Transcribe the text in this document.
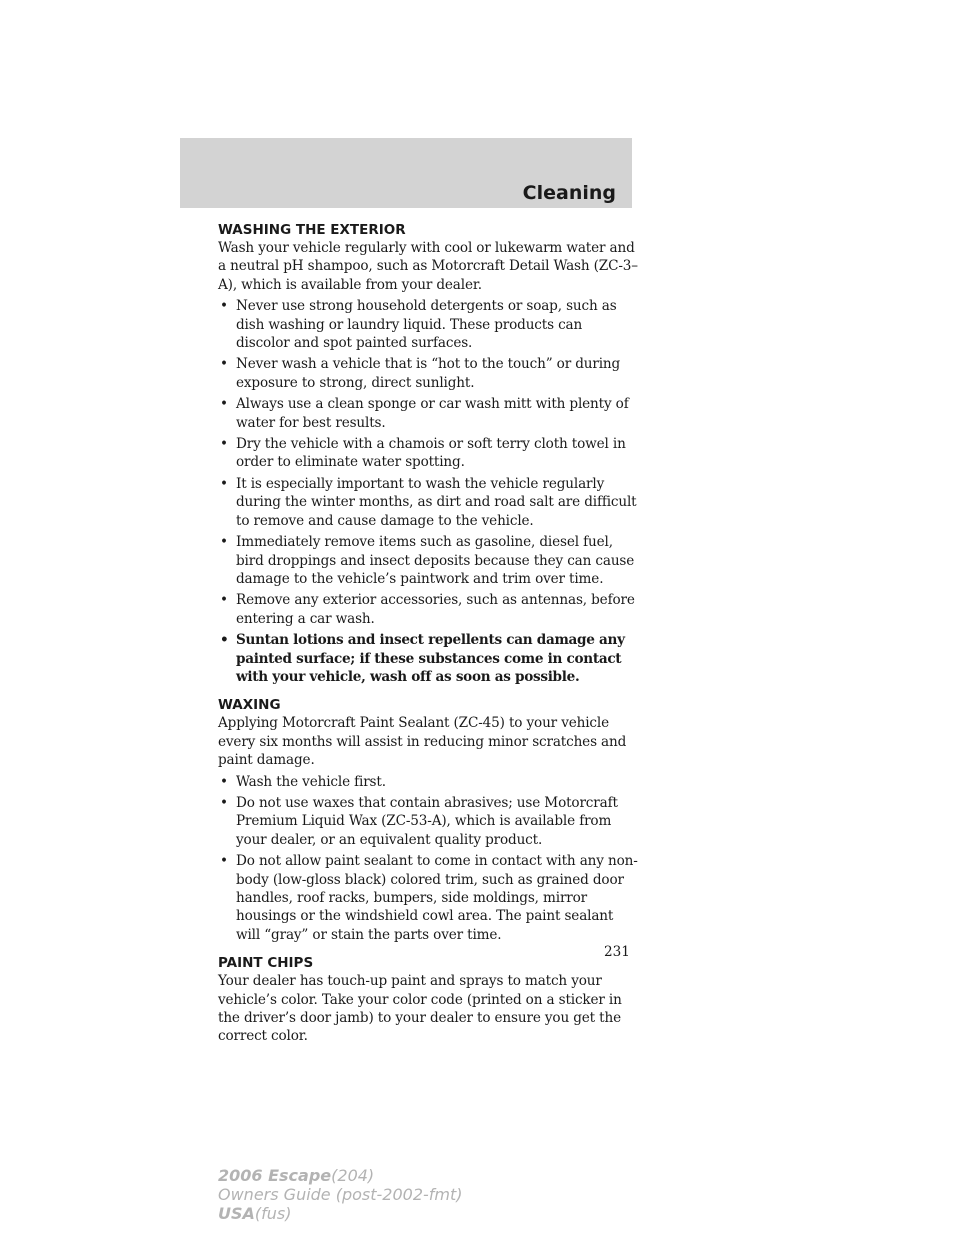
Cleaning
WASHING THE EXTERIOR

Wash your vehicle regularly with cool or lukewarm water and a neutral pH shampoo, such as Motorcraft Detail Wash (ZC-3–A), which is available from your dealer.

• Never use strong household detergents or soap, such as dish washing or laundry liquid. These products can discolor and spot painted surfaces.
• Never wash a vehicle that is “hot to the touch” or during exposure to strong, direct sunlight.
• Always use a clean sponge or car wash mitt with plenty of water for best results.
• Dry the vehicle with a chamois or soft terry cloth towel in order to eliminate water spotting.
• It is especially important to wash the vehicle regularly during the winter months, as dirt and road salt are difficult to remove and cause damage to the vehicle.
• Immediately remove items such as gasoline, diesel fuel, bird droppings and insect deposits because they can cause damage to the vehicle’s paintwork and trim over time.
• Remove any exterior accessories, such as antennas, before entering a car wash.
• Suntan lotions and insect repellents can damage any painted surface; if these substances come in contact with your vehicle, wash off as soon as possible.
WAXING

Applying Motorcraft Paint Sealant (ZC-45) to your vehicle every six months will assist in reducing minor scratches and paint damage.

• Wash the vehicle first.
• Do not use waxes that contain abrasives; use Motorcraft Premium Liquid Wax (ZC-53-A), which is available from your dealer, or an equivalent quality product.
• Do not allow paint sealant to come in contact with any non-body (low-gloss black) colored trim, such as grained door handles, roof racks, bumpers, side moldings, mirror housings or the windshield cowl area. The paint sealant will “gray” or stain the parts over time.
PAINT CHIPS

Your dealer has touch-up paint and sprays to match your vehicle’s color. Take your color code (printed on a sticker in the driver’s door jamb) to your dealer to ensure you get the correct color.

231
2006 Escape(204)
Owners Guide (post-2002-fmt)
USA(fus)
